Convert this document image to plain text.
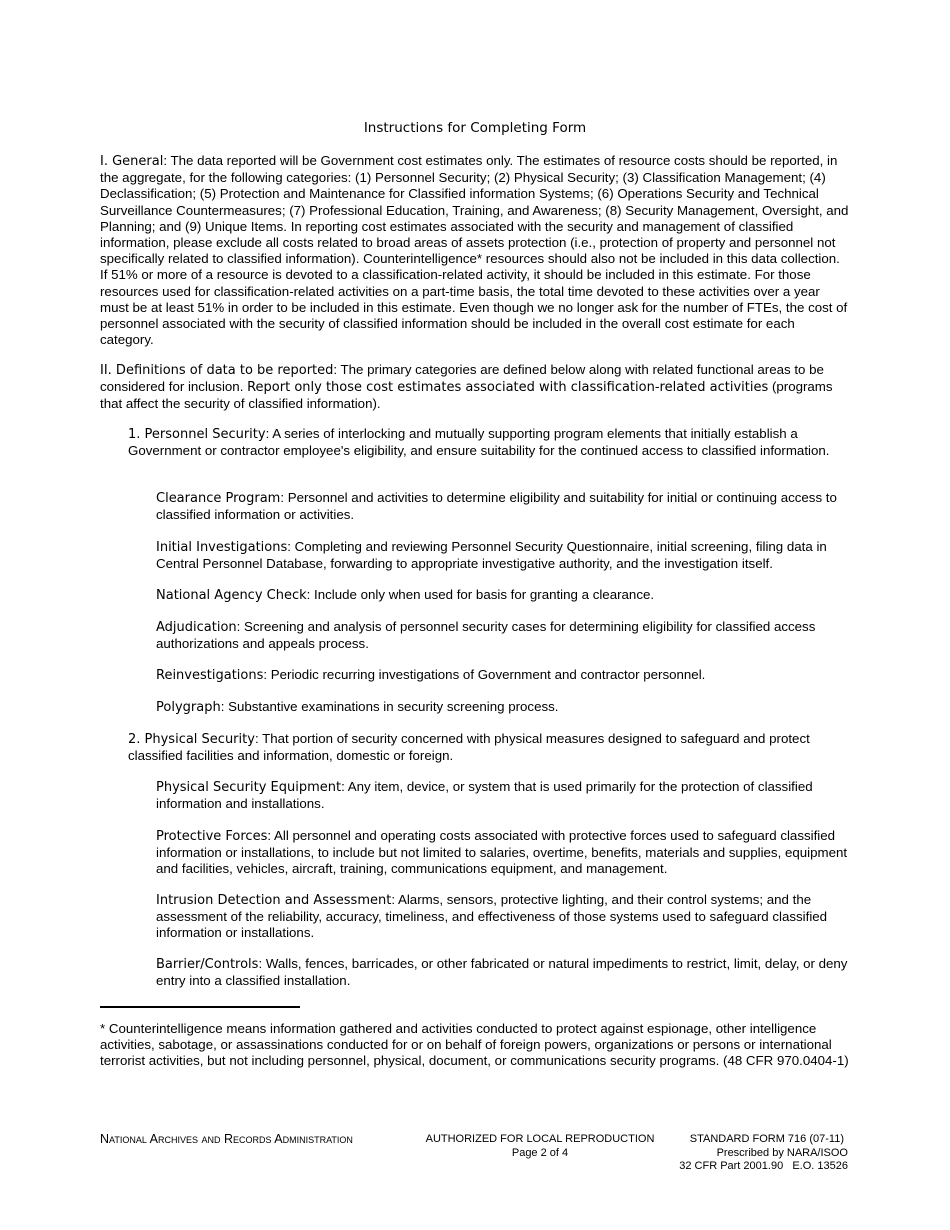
Instructions for Completing Form

I. General: The data reported will be Government cost estimates only. The estimates of resource costs should be reported, in the aggregate, for the following categories: (1) Personnel Security; (2) Physical Security; (3) Classification Management; (4) Declassification; (5) Protection and Maintenance for Classified information Systems; (6) Operations Security and Technical Surveillance Countermeasures; (7) Professional Education, Training, and Awareness; (8) Security Management, Oversight, and Planning; and (9) Unique Items. In reporting cost estimates associated with the security and management of classified information, please exclude all costs related to broad areas of assets protection (i.e., protection of property and personnel not specifically related to classified information). Counterintelligence* resources should also not be included in this data collection. If 51% or more of a resource is devoted to a classification-related activity, it should be included in this estimate. For those resources used for classification-related activities on a part-time basis, the total time devoted to these activities over a year must be at least 51% in order to be included in this estimate. Even though we no longer ask for the number of FTEs, the cost of personnel associated with the security of classified information should be included in the overall cost estimate for each category.

II. Definitions of data to be reported: The primary categories are defined below along with related functional areas to be considered for inclusion. Report only those cost estimates associated with classification-related activities (programs that affect the security of classified information).

1. Personnel Security: A series of interlocking and mutually supporting program elements that initially establish a Government or contractor employee's eligibility, and ensure suitability for the continued access to classified information.

Clearance Program: Personnel and activities to determine eligibility and suitability for initial or continuing access to classified information or activities.

Initial Investigations: Completing and reviewing Personnel Security Questionnaire, initial screening, filing data in Central Personnel Database, forwarding to appropriate investigative authority, and the investigation itself.

National Agency Check: Include only when used for basis for granting a clearance.

Adjudication: Screening and analysis of personnel security cases for determining eligibility for classified access authorizations and appeals process.

Reinvestigations: Periodic recurring investigations of Government and contractor personnel.

Polygraph: Substantive examinations in security screening process.

2. Physical Security: That portion of security concerned with physical measures designed to safeguard and protect classified facilities and information, domestic or foreign.

Physical Security Equipment: Any item, device, or system that is used primarily for the protection of classified information and installations.

Protective Forces: All personnel and operating costs associated with protective forces used to safeguard classified information or installations, to include but not limited to salaries, overtime, benefits, materials and supplies, equipment and facilities, vehicles, aircraft, training, communications equipment, and management.

Intrusion Detection and Assessment: Alarms, sensors, protective lighting, and their control systems; and the assessment of the reliability, accuracy, timeliness, and effectiveness of those systems used to safeguard classified information or installations.

Barrier/Controls: Walls, fences, barricades, or other fabricated or natural impediments to restrict, limit, delay, or deny entry into a classified installation.

* Counterintelligence means information gathered and activities conducted to protect against espionage, other intelligence activities, sabotage, or assassinations conducted for or on behalf of foreign powers, organizations or persons or international terrorist activities, but not including personnel, physical, document, or communications security programs. (48 CFR 970.0404-1)

National Archives and Records Administration	AUTHORIZED FOR LOCAL REPRODUCTION
Page 2 of 4
STANDARD FORM 716 (07-11)
Prescribed by NARA/ISOO
32 CFR Part 2001.90   E.O. 13526
